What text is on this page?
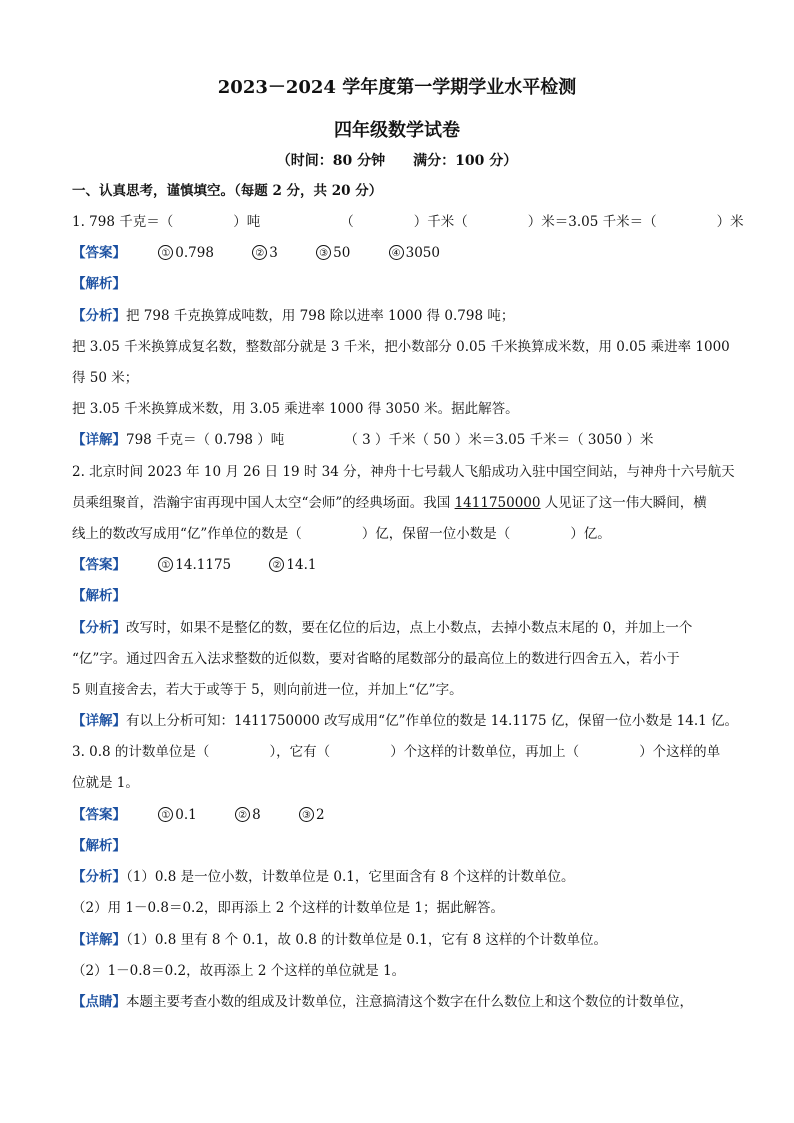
2023－2024 学年度第一学期学业水平检测
四年级数学试卷
（时间：80 分钟 满分：100 分）
一、认真思考，谨慎填空。（每题 2 分，共 20 分）
1. 798 千克＝（	）吨	（	）千米（	）米＝3.05 千米＝（	）米
【答案】	① 0.798	② 3	③ 50	④ 3050
【解析】
【分析】把 798 千克换算成吨数，用 798 除以进率 1000 得 0.798 吨；
把 3.05 千米换算成复名数，整数部分就是 3 千米，把小数部分 0.05 千米换算成米数，用 0.05 乘进率 1000
得 50 米；
把 3.05 千米换算成米数，用 3.05 乘进率 1000 得 3050 米。据此解答。
【详解】798 千克＝（ 0.798 ）吨	（ 3 ）千米（ 50 ）米＝3.05 千米＝（ 3050 ）米
2. 北京时间 2023 年 10 月 26 日 19 时 34 分，神舟十七号载人飞船成功入驻中国空间站，与神舟十六号航天
员乘组聚首，浩瀚宇宙再现中国人太空“会师”的经典场面。我国 1411750000 人见证了这一伟大瞬间，横
线上的数改写成用“亿”作单位的数是（	）亿，保留一位小数是（	）亿。
【答案】	① 14.1175	② 14.1
【解析】
【分析】改写时，如果不是整亿的数，要在亿位的后边，点上小数点，去掉小数点末尾的 0，并加上一个
“亿”字。通过四舍五入法求整数的近似数，要对省略的尾数部分的最高位上的数进行四舍五入，若小于
5 则直接舍去，若大于或等于 5，则向前进一位，并加上“亿”字。
【详解】有以上分析可知：1411750000 改写成用“亿”作单位的数是 14.1175 亿，保留一位小数是 14.1 亿。
3. 0.8 的计数单位是（	），它有（	）个这样的计数单位，再加上（	）个这样的单
位就是 1。
【答案】	① 0.1	② 8	③ 2
【解析】
【分析】（1）0.8 是一位小数，计数单位是 0.1，它里面含有 8 个这样的计数单位。
（2）用 1－0.8＝0.2，即再添上 2 个这样的计数单位是 1；据此解答。
【详解】（1）0.8 里有 8 个 0.1，故 0.8 的计数单位是 0.1，它有 8 这样的个计数单位。
（2）1－0.8＝0.2，故再添上 2 个这样的单位就是 1。
【点睛】本题主要考查小数的组成及计数单位，注意搞清这个数字在什么数位上和这个数位的计数单位，
